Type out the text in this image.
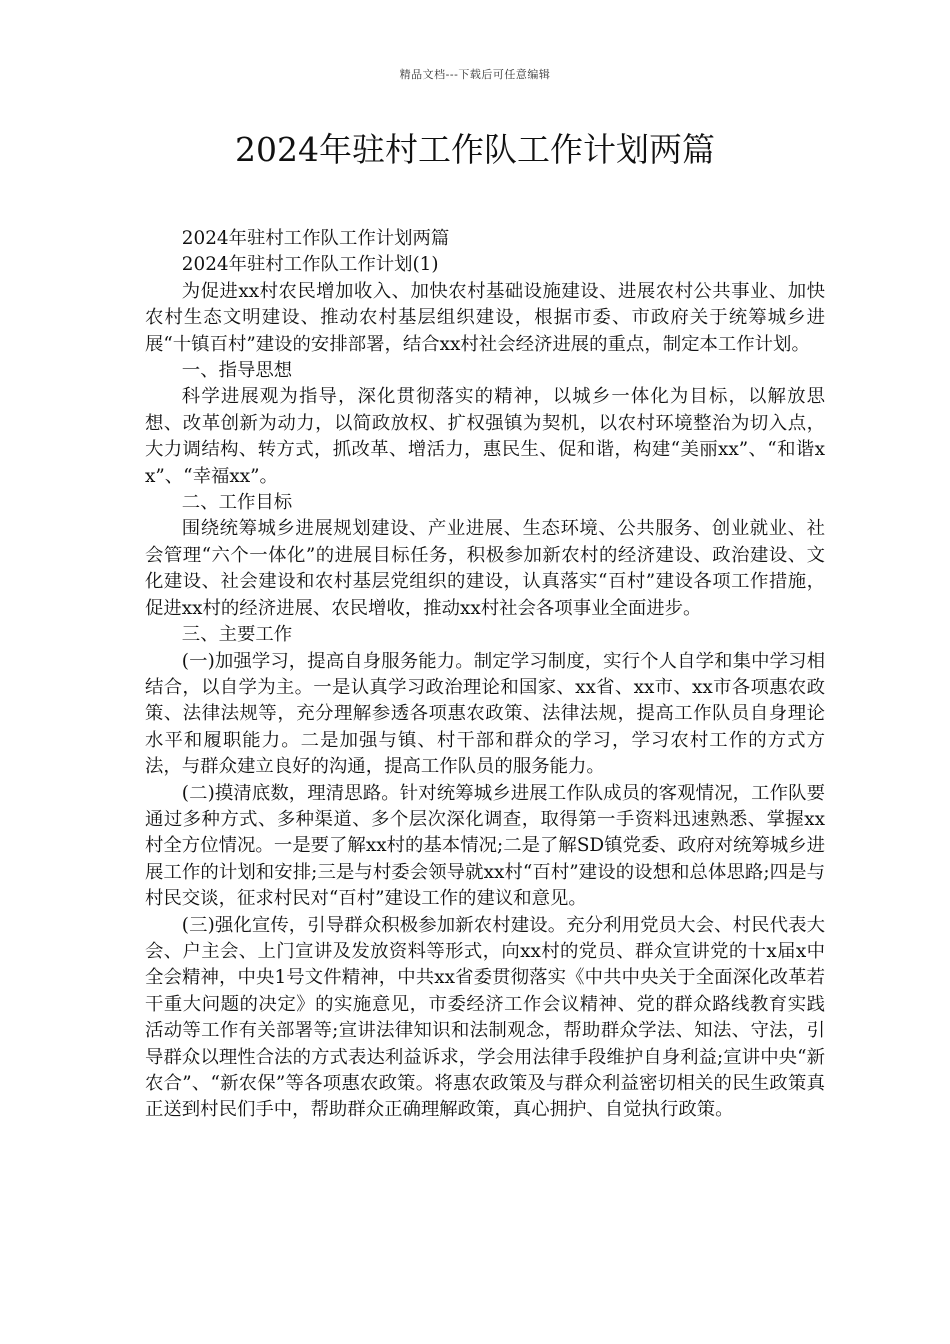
精品文档---下载后可任意编辑
2024年驻村工作队工作计划两篇

2024年驻村工作队工作计划两篇

2024年驻村工作队工作计划(1)

为促进xx村农民增加收入、加快农村基础设施建设、进展农村公共事业、加快农村生态文明建设、推动农村基层组织建设，根据市委、市政府关于统筹城乡进展“十镇百村”建设的安排部署，结合xx村社会经济进展的重点，制定本工作计划。

一、指导思想

科学进展观为指导，深化贯彻落实的精神，以城乡一体化为目标，以解放思想、改革创新为动力，以简政放权、扩权强镇为契机，以农村环境整治为切入点，大力调结构、转方式，抓改革、增活力，惠民生、促和谐，构建“美丽xx”、“和谐xx”、“幸福xx”。

二、工作目标

围绕统筹城乡进展规划建设、产业进展、生态环境、公共服务、创业就业、社会管理“六个一体化”的进展目标任务，积极参加新农村的经济建设、政治建设、文化建设、社会建设和农村基层党组织的建设，认真落实“百村”建设各项工作措施，促进xx村的经济进展、农民增收，推动xx村社会各项事业全面进步。

三、主要工作

(一)加强学习，提高自身服务能力。制定学习制度，实行个人自学和集中学习相结合，以自学为主。一是认真学习政治理论和国家、xx省、xx市、xx市各项惠农政策、法律法规等，充分理解参透各项惠农政策、法律法规，提高工作队员自身理论水平和履职能力。二是加强与镇、村干部和群众的学习，学习农村工作的方式方法，与群众建立良好的沟通，提高工作队员的服务能力。

(二)摸清底数，理清思路。针对统筹城乡进展工作队成员的客观情况，工作队要通过多种方式、多种渠道、多个层次深化调查，取得第一手资料迅速熟悉、掌握xx村全方位情况。一是要了解xx村的基本情况;二是了解SD镇党委、政府对统筹城乡进展工作的计划和安排;三是与村委会领导就xx村“百村”建设的设想和总体思路;四是与村民交谈，征求村民对“百村”建设工作的建议和意见。

(三)强化宣传，引导群众积极参加新农村建设。充分利用党员大会、村民代表大会、户主会、上门宣讲及发放资料等形式，向xx村的党员、群众宣讲党的十x届x中全会精神，中央1号文件精神，中共xx省委贯彻落实《中共中央关于全面深化改革若干重大问题的决定》的实施意见，市委经济工作会议精神、党的群众路线教育实践活动等工作有关部署等;宣讲法律知识和法制观念，帮助群众学法、知法、守法，引导群众以理性合法的方式表达利益诉求，学会用法律手段维护自身利益;宣讲中央“新农合”、“新农保”等各项惠农政策。将惠农政策及与群众利益密切相关的民生政策真正送到村民们手中，帮助群众正确理解政策，真心拥护、自觉执行政策。
